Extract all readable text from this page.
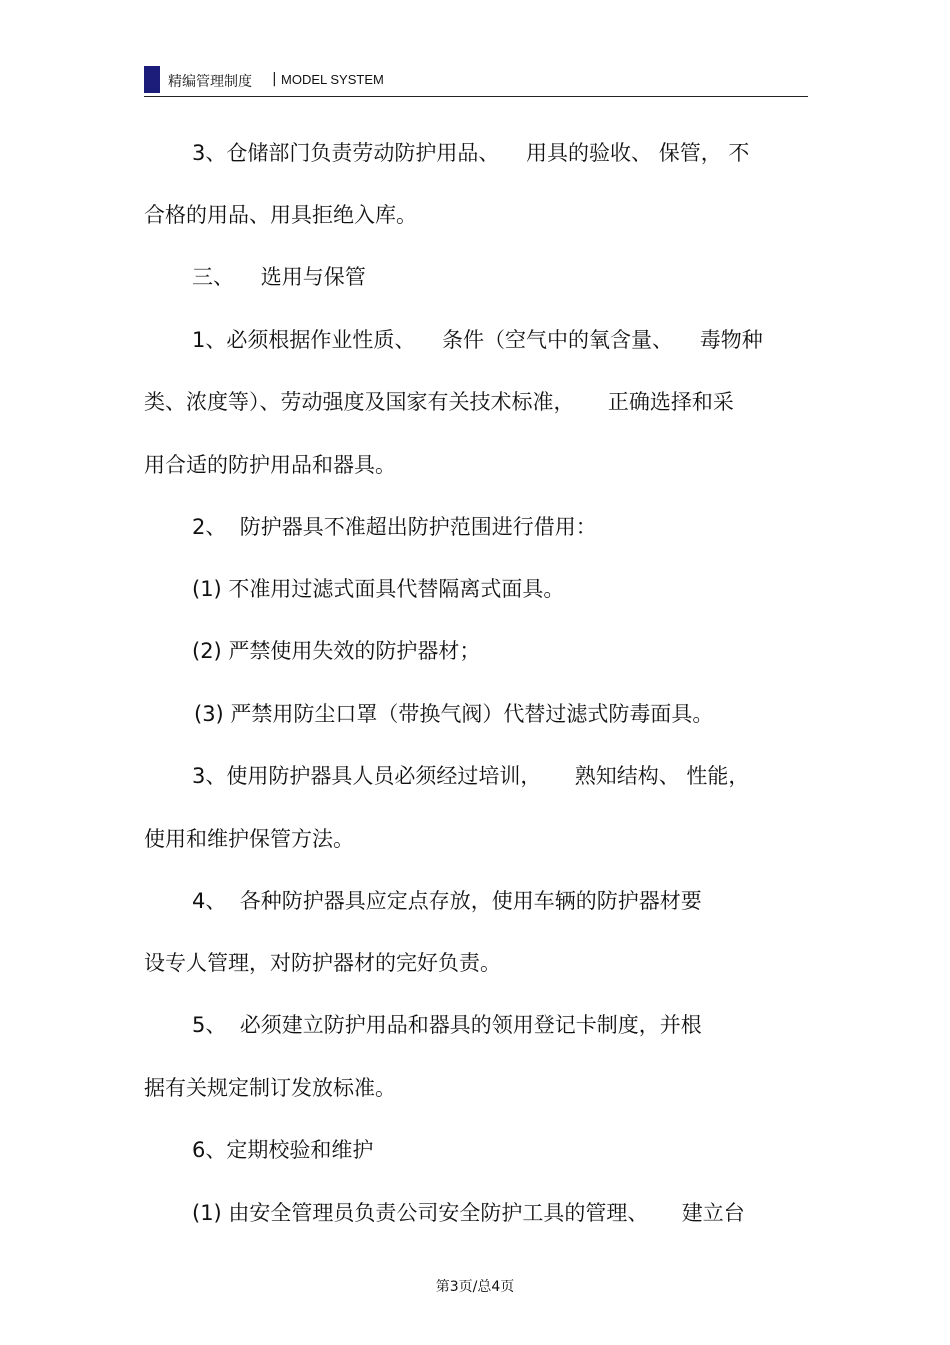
精编管理制度 | MODEL SYSTEM
3、仓储部门负责劳动防护用品、    用具的验收、 保管， 不
合格的用品、用具拒绝入库。
三、    选用与保管
1、必须根据作业性质、    条件（空气中的氧含量、    毒物种
类、浓度等）、劳动强度及国家有关技术标准，     正确选择和采
用合适的防护用品和器具。
2、  防护器具不准超出防护范围进行借用：
(1) 不准用过滤式面具代替隔离式面具。
(2) 严禁使用失效的防护器材；
(3) 严禁用防尘口罩（带换气阀）代替过滤式防毒面具。
3、使用防护器具人员必须经过培训，     熟知结构、 性能，
使用和维护保管方法。
4、  各种防护器具应定点存放，使用车辆的防护器材要
设专人管理，对防护器材的完好负责。
5、  必须建立防护用品和器具的领用登记卡制度，并根
据有关规定制订发放标准。
6、定期校验和维护
(1) 由安全管理员负责公司安全防护工具的管理、     建立台
第3页/总4页
